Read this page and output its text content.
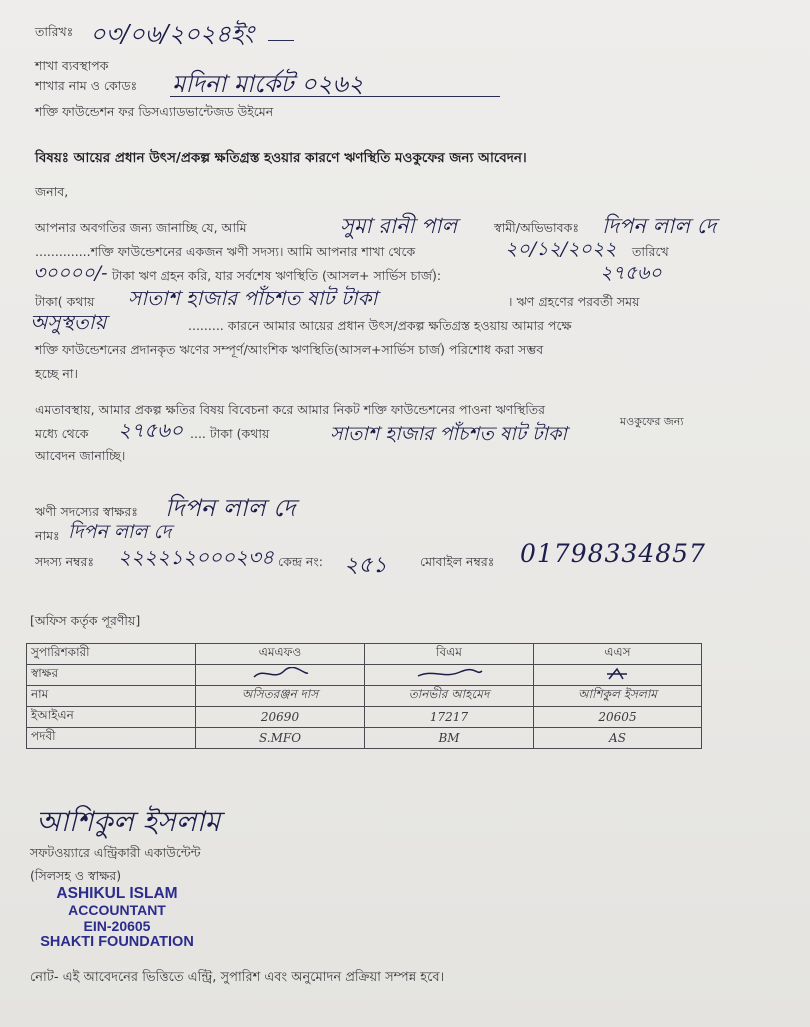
তারিখঃ ০৩/০৬/২০২৪ইং
শাখা ব্যবস্থাপক
শাখার নাম ও কোডঃ মদিনা মার্কেট ০২৬২
শক্তি ফাউন্ডেশন ফর ডিসএ্যাডভান্টেজড উইমেন
বিষয়ঃ আয়ের প্রধান উৎস/প্রকল্প ক্ষতিগ্রস্ত হওয়ার কারণে ঋণস্থিতি মওকুফের জন্য আবেদন।
জনাব,
আপনার অবগতির জন্য জানাচ্ছি যে, আমি	সুমা রানী পাল	স্বামী/অভিভাবকঃ দিপন লাল দে
..............শক্তি ফাউন্ডেশনের একজন ঋণী সদস্য। আমি আপনার শাখা থেকে	২০/১২/২০২২ তারিখে
৩০০০০/- টাকা ঋণ গ্রহন করি, যার সর্বশেষ ঋণস্থিতি (আসল+ সার্ভিস চার্জ):	২৭৫৬০
টাকা( কথায় সাতাশ হাজার পাঁচশত ষাট টাকা	। ঋণ গ্রহণের পরবর্তী সময়
অসুস্থতায়	......... কারনে আমার আয়ের প্রধান উৎস/প্রকল্প ক্ষতিগ্রস্ত হওয়ায় আমার পক্ষে
শক্তি ফাউন্ডেশনের প্রদানকৃত ঋণের সম্পূর্ণ/আংশিক ঋণস্থিতি(আসল+সার্ভিস চার্জ) পরিশোধ করা সম্ভব
হচ্ছে না।
এমতাবস্থায়, আমার প্রকল্প ক্ষতির বিষয় বিবেচনা করে আমার নিকট শক্তি ফাউন্ডেশনের পাওনা ঋণস্থিতির
মধ্যে থেকে ২৭৫৬০ .... টাকা (কথায়	সাতাশ হাজার পাঁচশত ষাট টাকা
মওকুফের জন্য
আবেদন জানাচ্ছি।
ঋণী সদস্যের স্বাক্ষরঃ দিপন লাল দে
নামঃ দিপন লাল দে
সদস্য নম্বরঃ ২২২২১২০০০২৩৪ কেন্দ্র নং: ২৫১	মোবাইল নম্বরঃ 01798334857
[অফিস কর্তৃক পূরণীয়]
সুপারিশকারী	এমএফও	বিএম	এএস
স্বাক্ষর			
নাম	অসিতরঞ্জন দাস	তানভীর আহমেদ	আশিকুল ইসলাম
ইআইএন	20690	17217	20605
পদবী	S.MFO	BM	AS
আশিকুল ইসলাম
সফটওয়্যারে এন্ট্রিকারী একাউন্টেন্ট
(সিলসহ ও স্বাক্ষর)
ASHIKUL ISLAM
ACCOUNTANT
EIN-20605
SHAKTI FOUNDATION
নোট- এই আবেদনের ভিত্তিতে এন্ট্রি, সুপারিশ এবং অনুমোদন প্রক্রিয়া সম্পন্ন হবে।
